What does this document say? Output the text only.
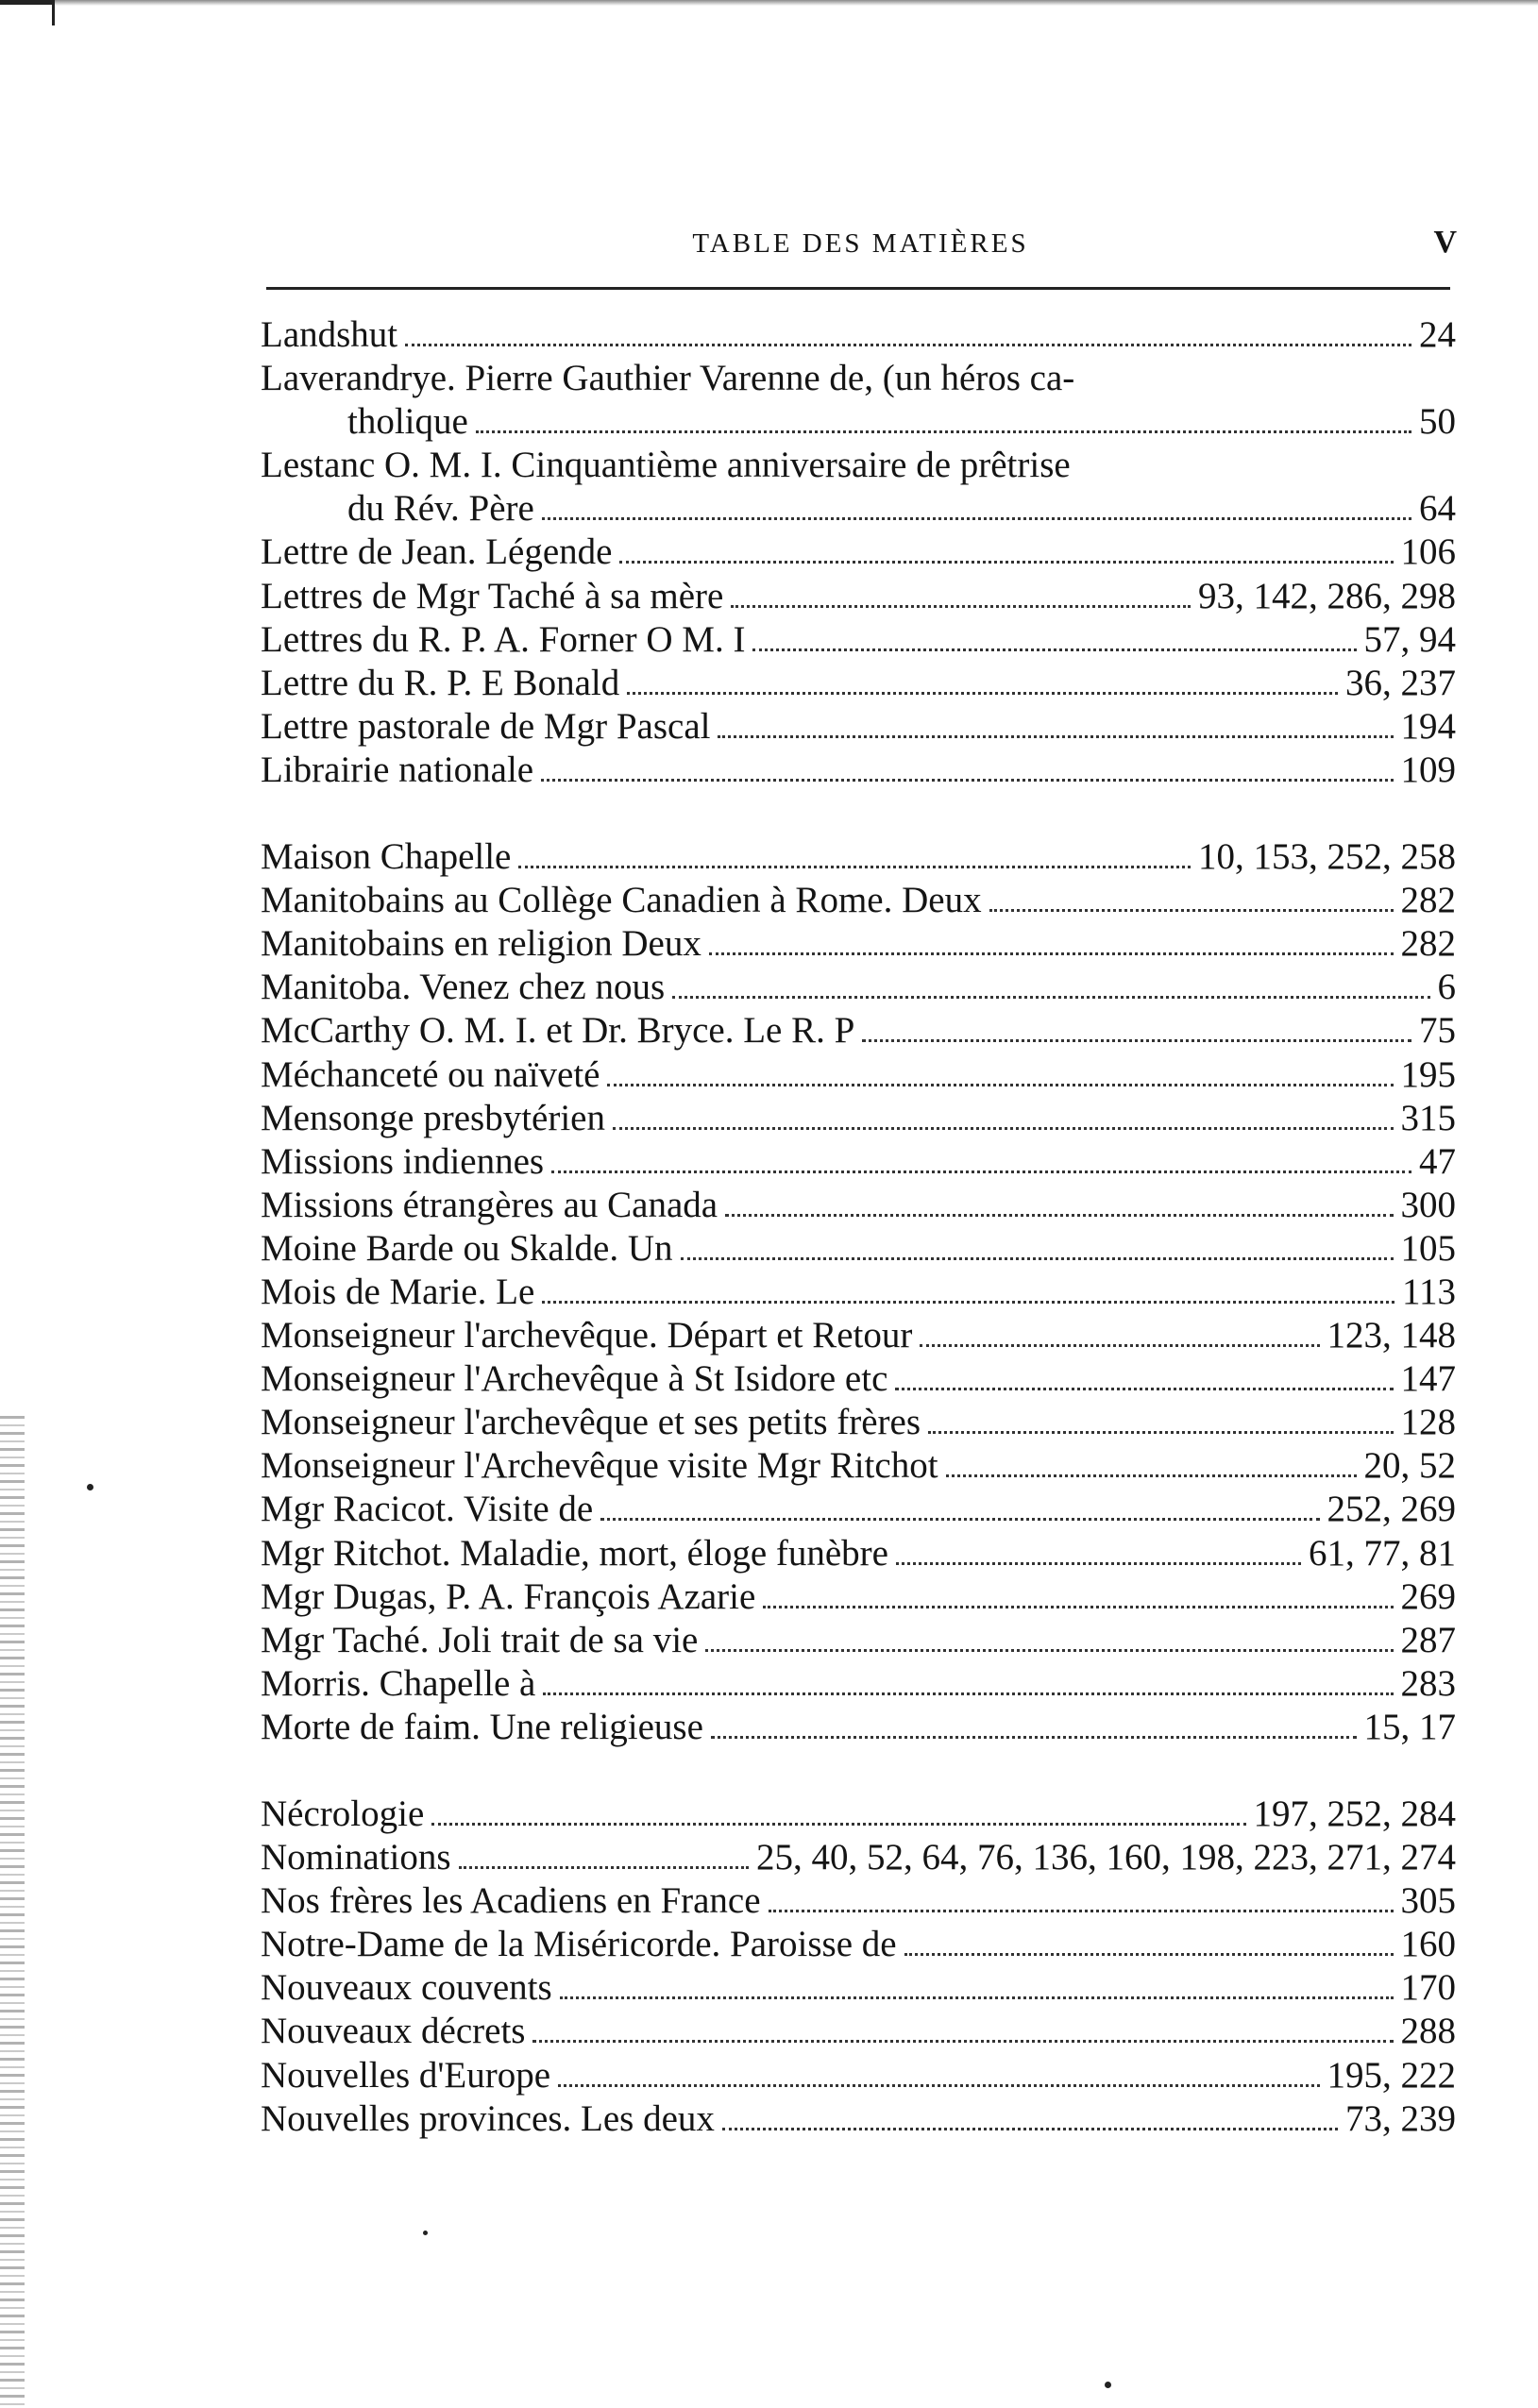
TABLE DES MATIÈRES	V
Landshut	24
Laverandrye. Pierre Gauthier Varenne de, (un héros ca-
tholique	50
Lestanc O. M. I. Cinquantième anniversaire de prêtrise
du Rév. Père	64
Lettre de Jean. Légende	106
Lettres de Mgr Taché à sa mère	93, 142, 286, 298
Lettres du R. P. A. Forner O M. I	57, 94
Lettre du R. P. E Bonald	36, 237
Lettre pastorale de Mgr Pascal	194
Librairie nationale	109
Maison Chapelle	10, 153, 252, 258
Manitobains au Collège Canadien à Rome. Deux	282
Manitobains en religion Deux	282
Manitoba. Venez chez nous	6
McCarthy O. M. I. et Dr. Bryce. Le R. P	75
Méchanceté ou naïveté	195
Mensonge presbytérien	315
Missions indiennes	47
Missions étrangères au Canada	300
Moine Barde ou Skalde. Un	105
Mois de Marie. Le	113
Monseigneur l'archevêque. Départ et Retour	123, 148
Monseigneur l'Archevêque à St Isidore etc	147
Monseigneur l'archevêque et ses petits frères	128
Monseigneur l'Archevêque visite Mgr Ritchot	20, 52
Mgr Racicot. Visite de	252, 269
Mgr Ritchot. Maladie, mort, éloge funèbre	61, 77, 81
Mgr Dugas, P. A. François Azarie	269
Mgr Taché. Joli trait de sa vie	287
Morris. Chapelle à	283
Morte de faim. Une religieuse	15, 17
Nécrologie	197, 252, 284
Nominations	25, 40, 52, 64, 76, 136, 160, 198, 223, 271, 274
Nos frères les Acadiens en France	305
Notre-Dame de la Miséricorde. Paroisse de	160
Nouveaux couvents	170
Nouveaux décrets	288
Nouvelles d'Europe	195, 222
Nouvelles provinces. Les deux	73, 239
